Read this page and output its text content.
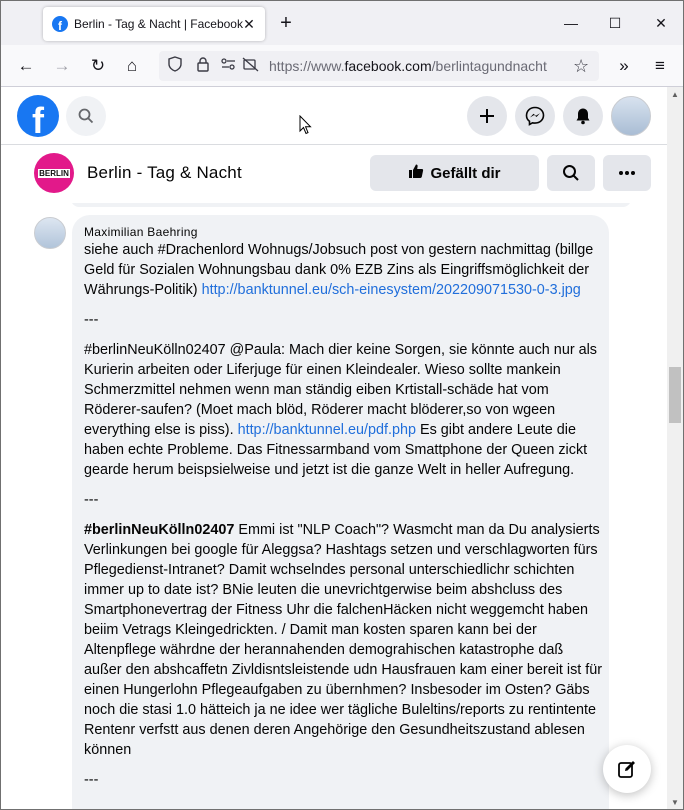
f	Berlin - Tag & Nacht | Facebook ✕ +	—	☐	✕
← →	↻	⌂	https://www.facebook.com/berlintagundnacht ☆	»	≡
f
BERLIN Berlin - Tag & Nacht	Gefällt dir
Maximilian Baehring

siehe auch #Drachenlord Wohnugs/Jobsuch post von gestern nachmittag (billge Geld für Sozialen Wohnungsbau dank 0% EZB Zins als Eingriffsmöglichkeit der Währungs-Politik) http://banktunnel.eu/sch-einesystem/202209071530-0-3.jpg

---

#berlinNeuKölln02407 @Paula: Mach dier keine Sorgen, sie könnte auch nur als Kurierin arbeiten oder Liferjuge für einen Kleindealer. Wieso sollte mankein Schmerzmittel nehmen wenn man ständig eiben Krtistall-schäde hat vom Röderer-saufen? (Moet mach blöd, Röderer macht blöderer,so von wgeen everything else is piss). http://banktunnel.eu/pdf.php Es gibt andere Leute die haben echte Probleme. Das Fitnessarmband vom Smattphone der Queen zickt gearde herum beispsielweise und jetzt ist die ganze Welt in heller Aufregung.

---

#berlinNeuKölln02407 Emmi ist "NLP Coach"? Wasmcht man da Du analysierts Verlinkungen bei google für Aleggsa? Hashtags setzen und verschlagworten fürs Pflegedienst-Intranet? Damit wchselndes personal unterschiedlichr schichten immer up to date ist? BNie leuten die unevrichtgerwise beim abshcluss des Smartphonevertrag der Fitness Uhr die falchenHäcken nicht weggemcht haben beiim Vetrags Kleingedrickten. / Damit man kosten sparen kann bei der Altenpflege währdne der herannahenden demograhischen katastrophe daß außer den abshcaffetn Zivldisntsleistende udn Hausfrauen kam einer bereit ist für einen Hungerlohn Pflegeaufgaben zu übernhmen? Insbesoder im Osten? Gäbs noch die stasi 1.0 hätteich ja ne idee wer tägliche Buleltins/reports zu rentintente Rentenr verfstt aus denen deren Angehörige den Gesundheitszustand ablesen können

---

▲
▼
